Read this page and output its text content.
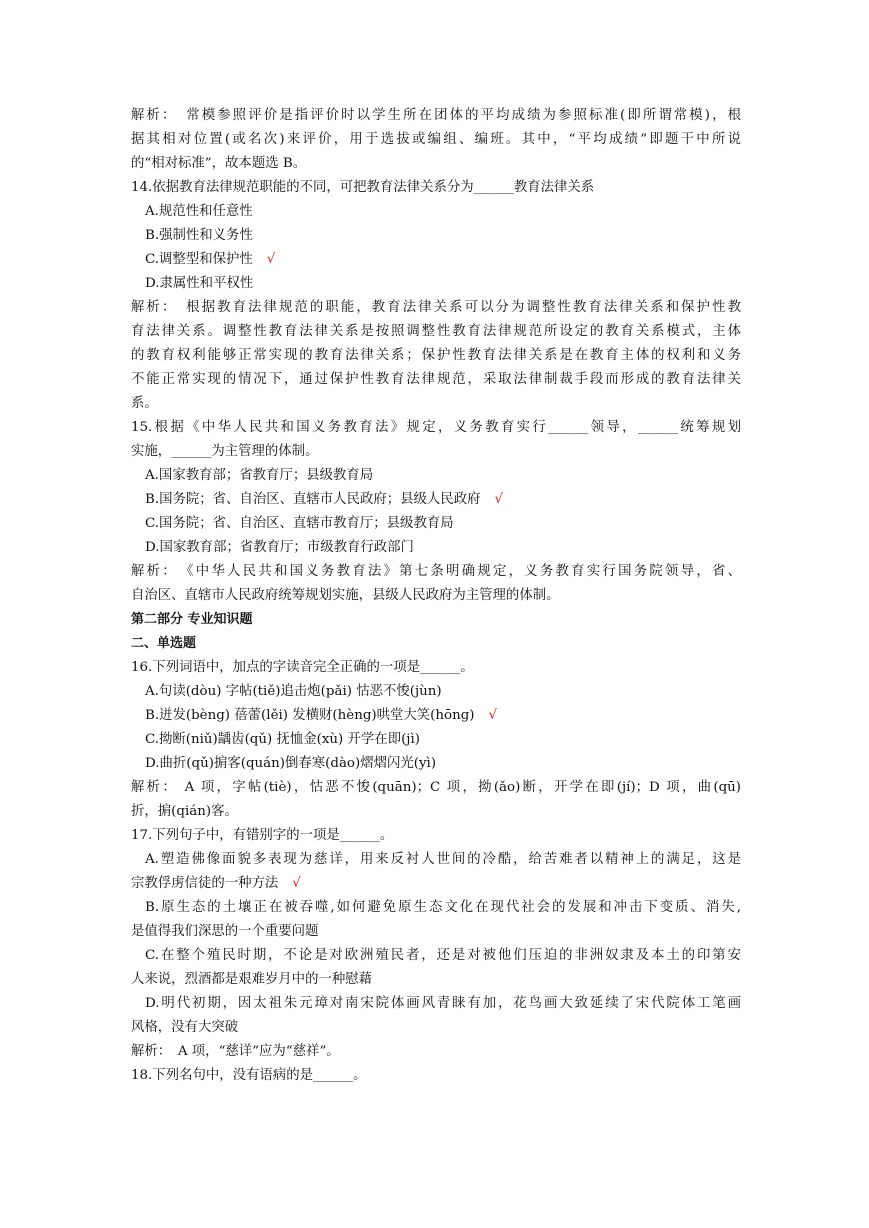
解析：　常模参照评价是指评价时以学生所在团体的平均成绩为参照标准(即所谓常模)，根
据其相对位置(或名次)来评价，用于选拔或编组、编班。其中，“平均成绩”即题干中所说
的“相对标准”，故本题选 B。
14.依据教育法律规范职能的不同，可把教育法律关系分为______教育法律关系
A.规范性和任意性
B.强制性和义务性
C.调整型和保护性 √
D.隶属性和平权性
解析：　根据教育法律规范的职能，教育法律关系可以分为调整性教育法律关系和保护性教
育法律关系。调整性教育法律关系是按照调整性教育法律规范所设定的教育关系模式，主体
的教育权利能够正常实现的教育法律关系；保护性教育法律关系是在教育主体的权利和义务
不能正常实现的情况下，通过保护性教育法律规范，采取法律制裁手段而形成的教育法律关
系。
15.根据《中华人民共和国义务教育法》规定，义务教育实行______领导，______统筹规划
实施，______为主管理的体制。
A.国家教育部；省教育厅；县级教育局
B.国务院；省、自治区、直辖市人民政府；县级人民政府 √
C.国务院；省、自治区、直辖市教育厅；县级教育局
D.国家教育部；省教育厅；市级教育行政部门
解析：　《中华人民共和国义务教育法》第七条明确规定，义务教育实行国务院领导，省、
自治区、直辖市人民政府统筹规划实施，县级人民政府为主管理的体制。
第二部分 专业知识题
二、单选题
16.下列词语中，加点的字读音完全正确的一项是______。
A.句读(dòu) 字帖(tiě)追击炮(pǎi) 怙恶不悛(jùn)
B.迸发(bèng) 蓓蕾(lěi) 发横财(hèng)哄堂大笑(hōng) √
C.拗断(niǔ)龋齿(qǔ) 抚恤金(xù) 开学在即(jì)
D.曲折(qǔ)掮客(quán)倒春寒(dào)熠熠闪光(yì)
解析： A 项，字帖(tiè)，怙恶不悛(quān)；C 项，拗(ǎo)断，开学在即(jí)；D 项，曲(qū)
折，掮(qián)客。
17.下列句子中，有错别字的一项是______。
A.塑造佛像面貌多表现为慈详，用来反衬人世间的冷酷，给苦难者以精神上的满足，这是
宗教俘虏信徒的一种方法 √
B.原生态的土壤正在被吞噬,如何避免原生态文化在现代社会的发展和冲击下变质、消失,
是值得我们深思的一个重要问题
C.在整个殖民时期，不论是对欧洲殖民者，还是对被他们压迫的非洲奴隶及本土的印第安
人来说，烈酒都是艰难岁月中的一种慰藉
D.明代初期，因太祖朱元璋对南宋院体画风青睐有加，花鸟画大致延续了宋代院体工笔画
风格，没有大突破
解析：　A 项，“慈详”应为“慈祥”。
18.下列名句中，没有语病的是______。
